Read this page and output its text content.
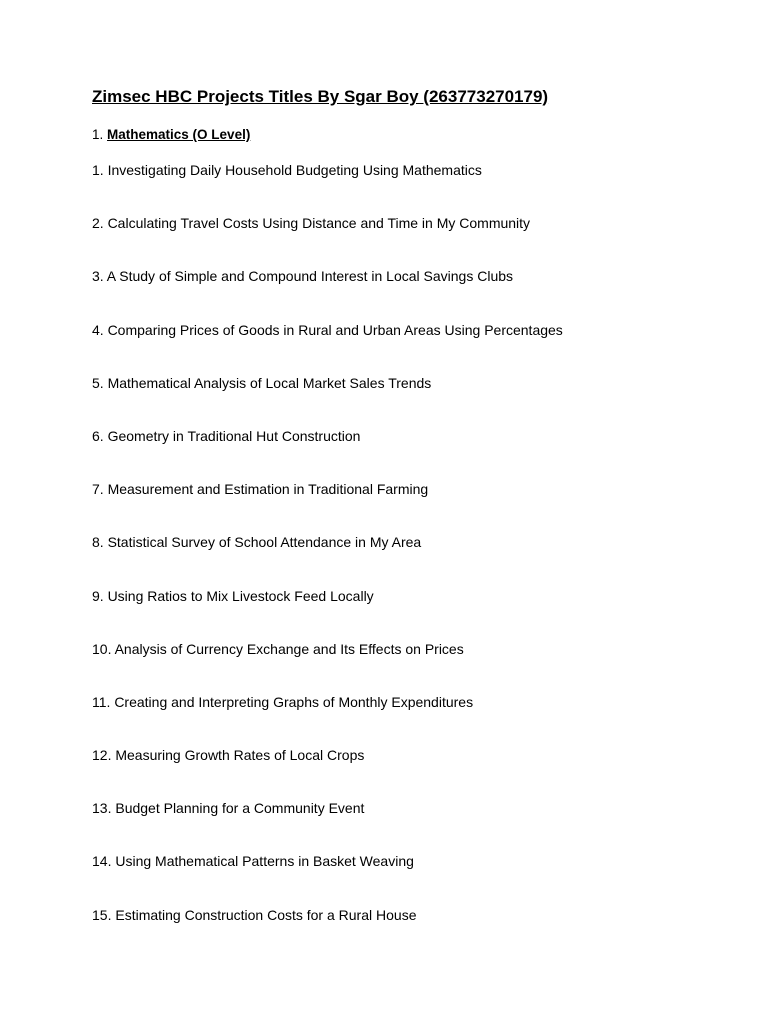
Zimsec HBC Projects Titles By Sgar Boy (263773270179)
1. Mathematics (O Level)
1. Investigating Daily Household Budgeting Using Mathematics
2. Calculating Travel Costs Using Distance and Time in My Community
3. A Study of Simple and Compound Interest in Local Savings Clubs
4. Comparing Prices of Goods in Rural and Urban Areas Using Percentages
5. Mathematical Analysis of Local Market Sales Trends
6. Geometry in Traditional Hut Construction
7. Measurement and Estimation in Traditional Farming
8. Statistical Survey of School Attendance in My Area
9. Using Ratios to Mix Livestock Feed Locally
10. Analysis of Currency Exchange and Its Effects on Prices
11. Creating and Interpreting Graphs of Monthly Expenditures
12. Measuring Growth Rates of Local Crops
13. Budget Planning for a Community Event
14. Using Mathematical Patterns in Basket Weaving
15. Estimating Construction Costs for a Rural House
